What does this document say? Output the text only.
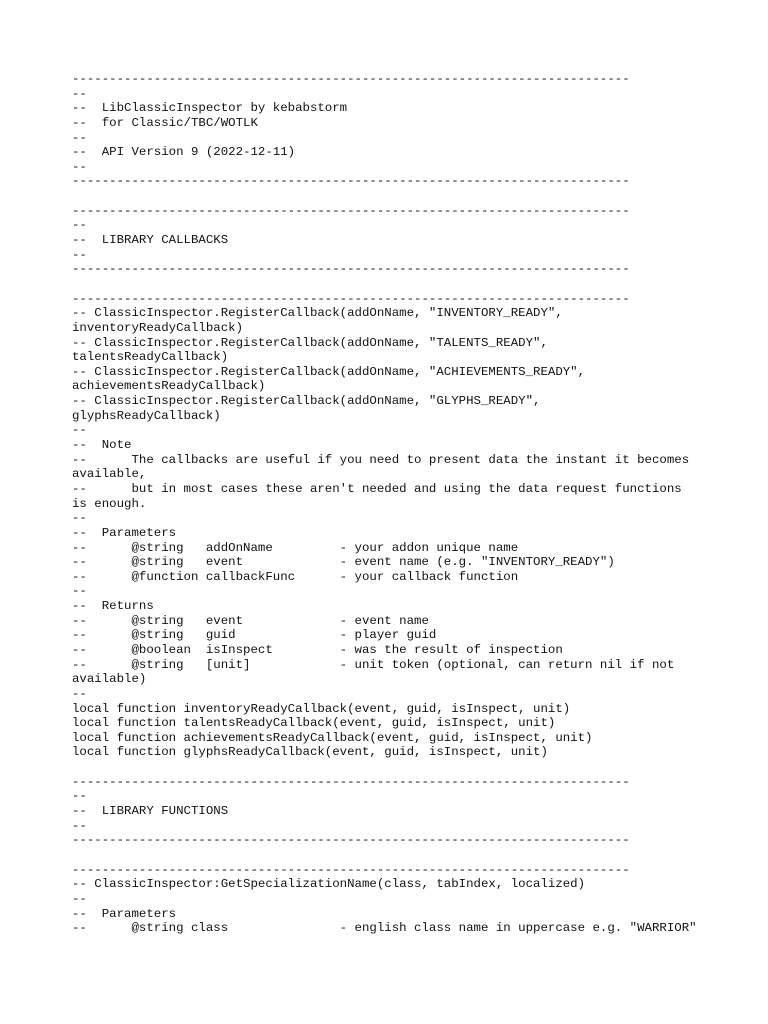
---------------------------------------------------------------------------
--
--  LibClassicInspector by kebabstorm
--  for Classic/TBC/WOTLK
--
--  API Version 9 (2022-12-11)
--
---------------------------------------------------------------------------
---------------------------------------------------------------------------
--
--  LIBRARY CALLBACKS
--
---------------------------------------------------------------------------
---------------------------------------------------------------------------
-- ClassicInspector.RegisterCallback(addOnName, "INVENTORY_READY",
inventoryReadyCallback)
-- ClassicInspector.RegisterCallback(addOnName, "TALENTS_READY",
talentsReadyCallback)
-- ClassicInspector.RegisterCallback(addOnName, "ACHIEVEMENTS_READY",
achievementsReadyCallback)
-- ClassicInspector.RegisterCallback(addOnName, "GLYPHS_READY",
glyphsReadyCallback)
--
--  Note
--      The callbacks are useful if you need to present data the instant it becomes
available,
--      but in most cases these aren't needed and using the data request functions
is enough.
--
--  Parameters
--      @string   addOnName         - your addon unique name
--      @string   event             - event name (e.g. "INVENTORY_READY")
--      @function callbackFunc      - your callback function
--
--  Returns
--      @string   event             - event name
--      @string   guid              - player guid
--      @boolean  isInspect         - was the result of inspection
--      @string   [unit]            - unit token (optional, can return nil if not
available)
--
local function inventoryReadyCallback(event, guid, isInspect, unit)
local function talentsReadyCallback(event, guid, isInspect, unit)
local function achievementsReadyCallback(event, guid, isInspect, unit)
local function glyphsReadyCallback(event, guid, isInspect, unit)
---------------------------------------------------------------------------
--
--  LIBRARY FUNCTIONS
--
---------------------------------------------------------------------------
---------------------------------------------------------------------------
-- ClassicInspector:GetSpecializationName(class, tabIndex, localized)
--
--  Parameters
--      @string class               - english class name in uppercase e.g. "WARRIOR"
